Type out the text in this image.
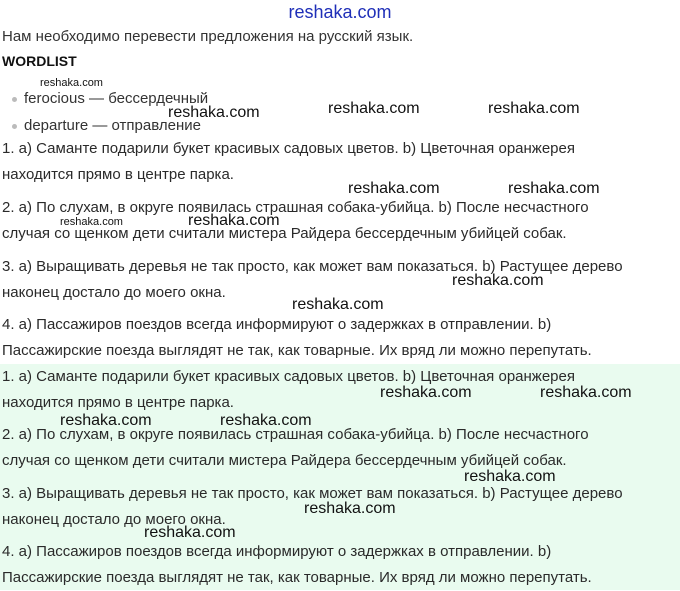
reshaka.com
Нам необходимо перевести предложения на русский язык.
WORDLIST
ferocious — бессердечный
departure — отправление
1. а) Саманте подарили букет красивых садовых цветов. b) Цветочная оранжерея
находится прямо в центре парка.
2. а) По слухам, в округе появилась страшная собака-убийца. b) После несчастного
случая со щенком дети считали мистера Райдера бессердечным убийцей собак.
3. а) Выращивать деревья не так просто, как может вам показаться. b) Растущее дерево
наконец достало до моего окна.
4. а) Пассажиров поездов всегда информируют о задержках в отправлении. b)
Пассажирские поезда выглядят не так, как товарные. Их вряд ли можно перепутать.
1. а) Саманте подарили букет красивых садовых цветов. b) Цветочная оранжерея
находится прямо в центре парка.
2. а) По слухам, в округе появилась страшная собака-убийца. b) После несчастного
случая со щенком дети считали мистера Райдера бессердечным убийцей собак.
3. а) Выращивать деревья не так просто, как может вам показаться. b) Растущее дерево
наконец достало до моего окна.
4. а) Пассажиров поездов всегда информируют о задержках в отправлении. b)
Пассажирские поезда выглядят не так, как товарные. Их вряд ли можно перепутать.
reshaka.com
reshaka.com	reshaka.com	reshaka.com
reshaka.com	reshaka.com
reshaka.com	reshaka.com
reshaka.com
reshaka.com
reshaka.com	reshaka.com
reshaka.com	reshaka.com
reshaka.com
reshaka.com
reshaka.com
